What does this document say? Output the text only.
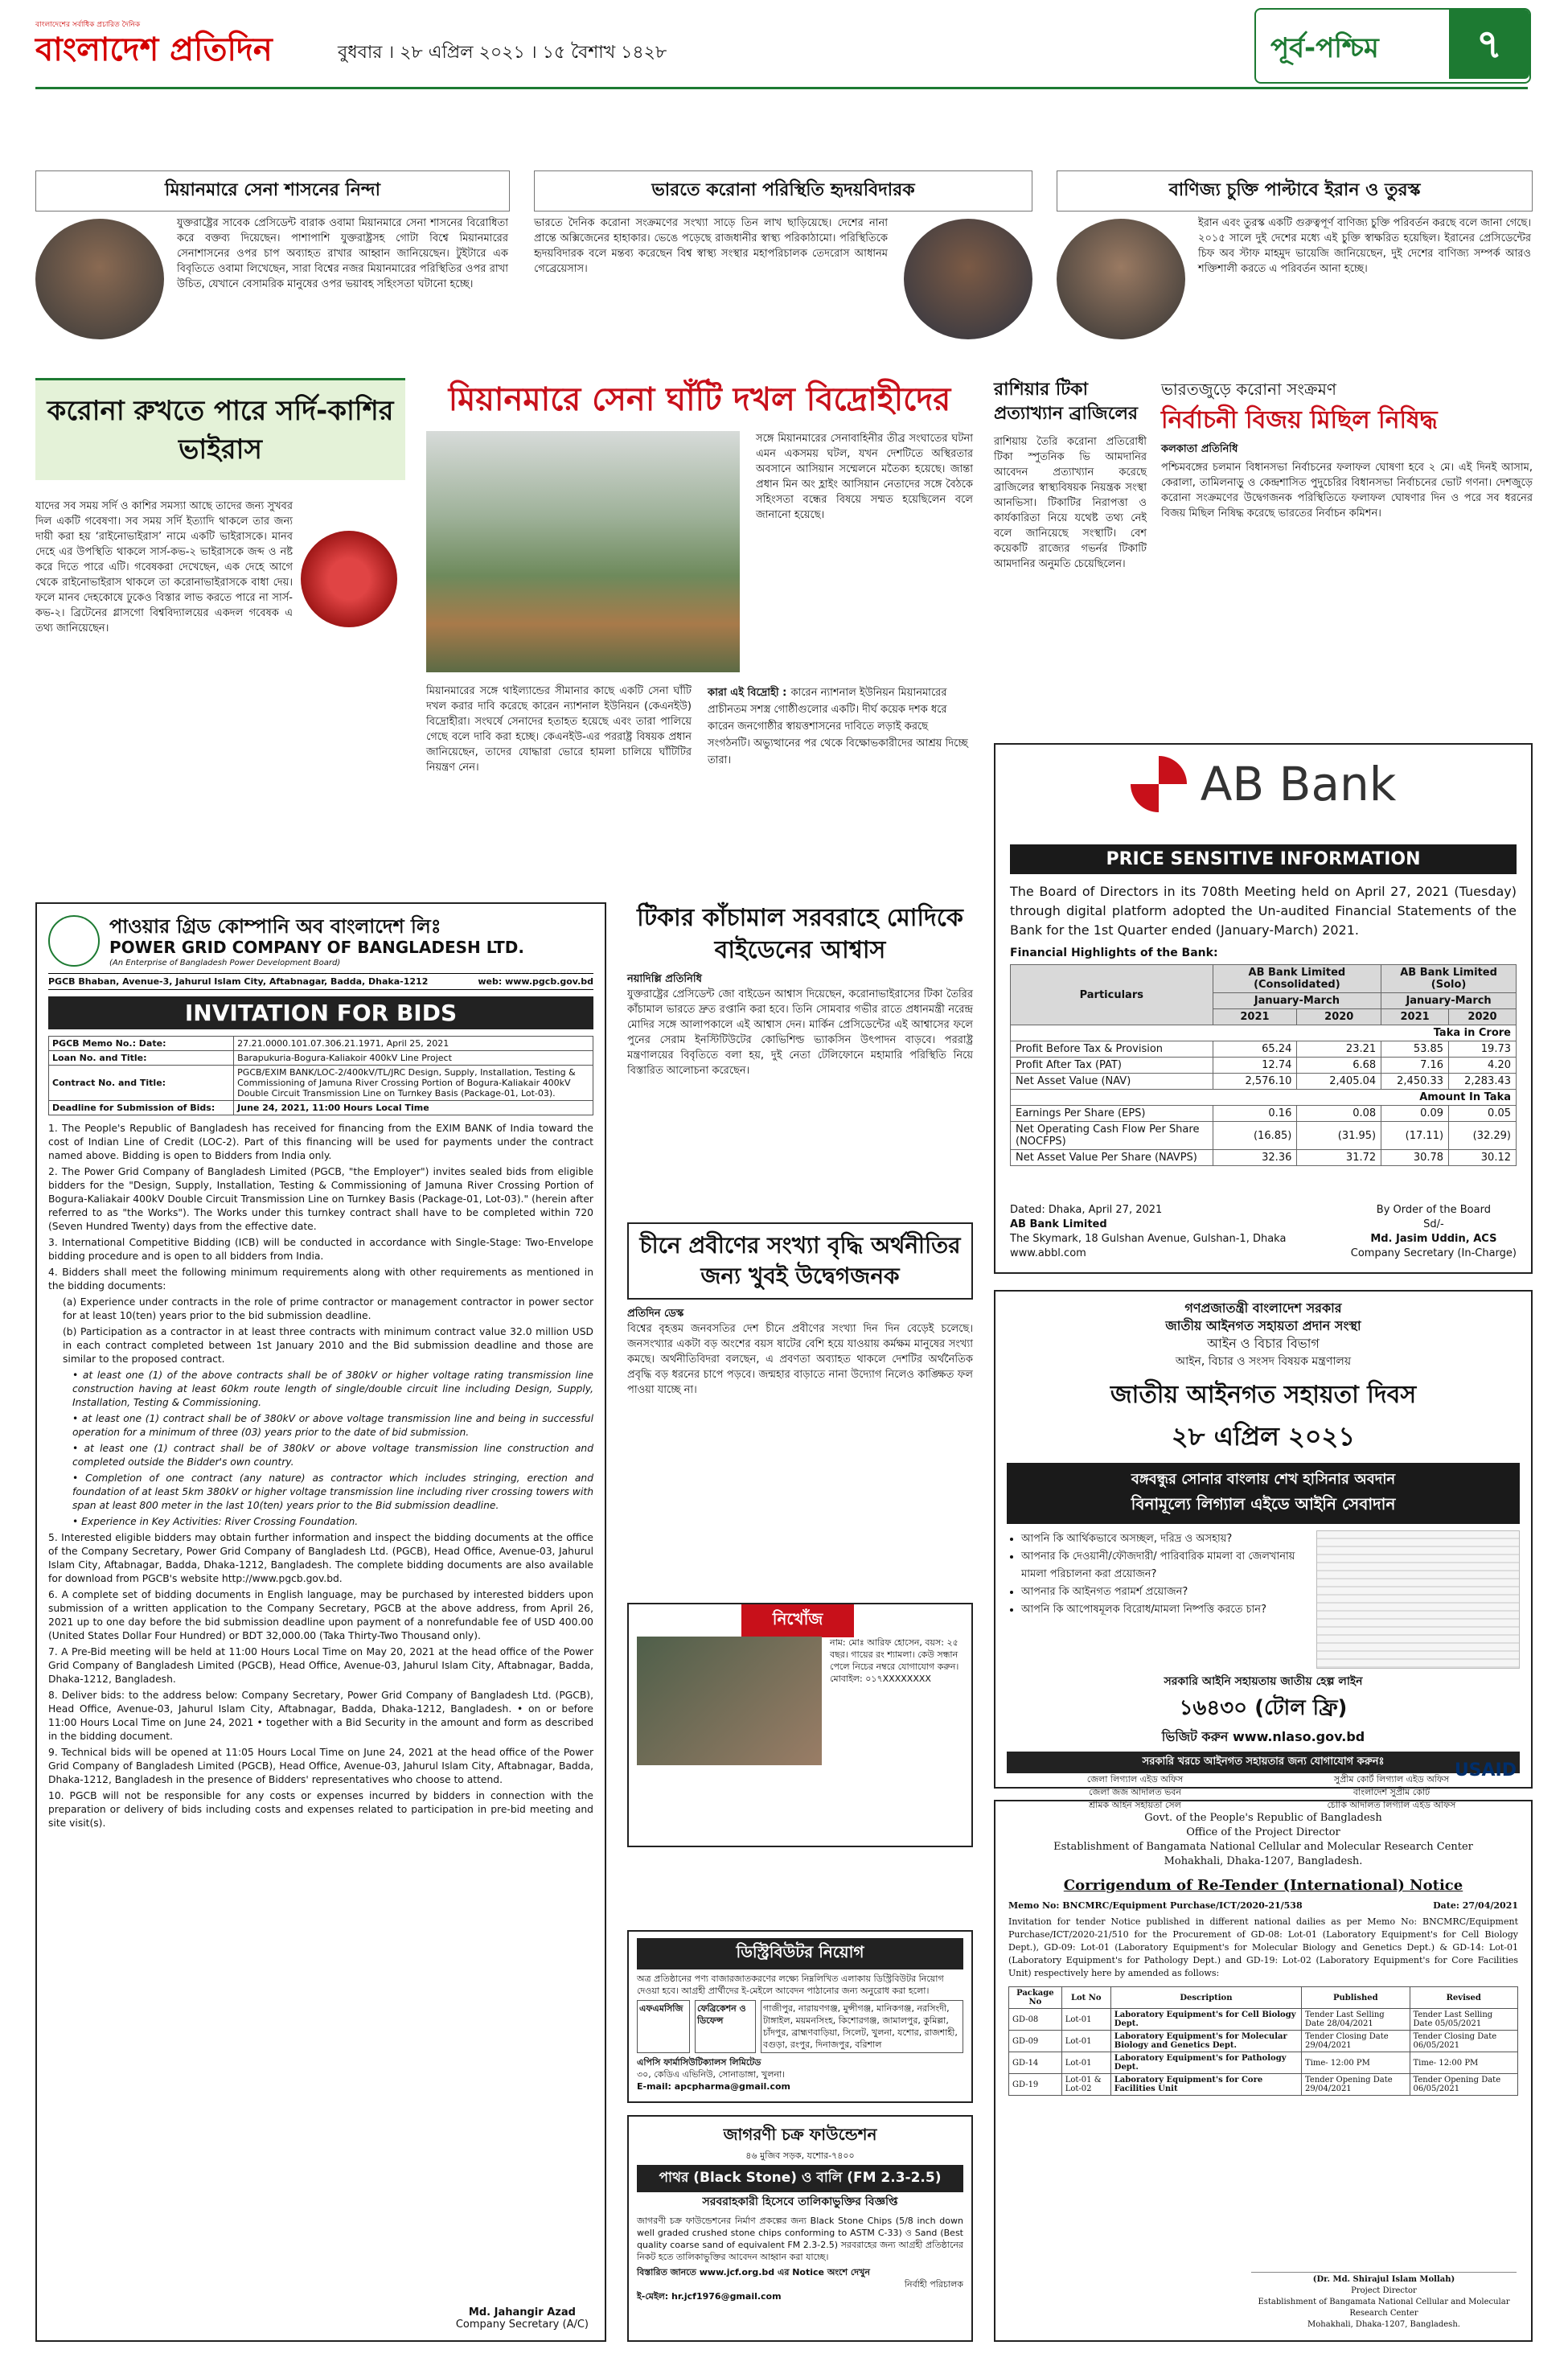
বাংলাদেশের সর্বাধিক প্রচারিত দৈনিক
বাংলাদেশ প্রতিদিন	বুধবার । ২৮ এপ্রিল ২০২১ । ১৫ বৈশাখ ১৪২৮	পূর্ব-পশ্চিম	৭
মিয়ানমারে সেনা শাসনের নিন্দা
যুক্তরাষ্ট্রের সাবেক প্রেসিডেন্ট বারাক ওবামা মিয়ানমারে সেনা শাসনের বিরোধিতা করে বক্তব্য দিয়েছেন। পাশাপাশি যুক্তরাষ্ট্রসহ গোটা বিশ্বে মিয়ানমারের সেনাশাসনের ওপর চাপ অব্যাহত রাখার আহ্বান জানিয়েছেন। টুইটারে এক বিবৃতিতে ওবামা লিখেছেন, সারা বিশ্বের নজর মিয়ানমারের পরিস্থিতির ওপর রাখা উচিত, যেখানে বেসামরিক মানুষের ওপর ভয়াবহ সহিংসতা ঘটানো হচ্ছে।
ভারতে করোনা পরিস্থিতি হৃদয়বিদারক
ভারতে দৈনিক করোনা সংক্রমণের সংখ্যা সাড়ে তিন লাখ ছাড়িয়েছে। দেশের নানা প্রান্তে অক্সিজেনের হাহাকার। ভেঙে পড়েছে রাজধানীর স্বাস্থ্য পরিকাঠামো। পরিস্থিতিকে হৃদয়বিদারক বলে মন্তব্য করেছেন বিশ্ব স্বাস্থ্য সংস্থার মহাপরিচালক তেদরোস আধানম গেব্রেয়েসাস।
বাণিজ্য চুক্তি পাল্টাবে ইরান ও তুরস্ক
ইরান এবং তুরস্ক একটি গুরুত্বপূর্ণ বাণিজ্য চুক্তি পরিবর্তন করছে বলে জানা গেছে। ২০১৫ সালে দুই দেশের মধ্যে এই চুক্তি স্বাক্ষরিত হয়েছিল। ইরানের প্রেসিডেন্টের চিফ অব স্টাফ মাহমুদ ভায়েজি জানিয়েছেন, দুই দেশের বাণিজ্য সম্পর্ক আরও শক্তিশালী করতে এ পরিবর্তন আনা হচ্ছে।
করোনা রুখতে পারে সর্দি-কাশির ভাইরাস
যাদের সব সময় সর্দি ও কাশির সমস্যা আছে তাদের জন্য সুখবর দিল একটি গবেষণা। সব সময় সর্দি ইত্যাদি থাকলে তার জন্য দায়ী করা হয় ‘রাইনোভাইরাস’ নামে একটি ভাইরাসকে। মানব দেহে এর উপস্থিতি থাকলে সার্স-কভ-২ ভাইরাসকে জব্দ ও নষ্ট করে দিতে পারে এটি। গবেষকরা দেখেছেন, এক দেহে আগে থেকে রাইনোভাইরাস থাকলে তা করোনাভাইরাসকে বাধা দেয়। ফলে মানব দেহকোষে ঢুকেও বিস্তার লাভ করতে পারে না সার্স-কভ-২। ব্রিটেনের গ্লাসগো বিশ্ববিদ্যালয়ের একদল গবেষক এ তথ্য জানিয়েছেন।
মিয়ানমারে সেনা ঘাঁটি দখল বিদ্রোহীদের
সঙ্গে মিয়ানমারের সেনাবাহিনীর তীব্র সংঘাতের ঘটনা এমন একসময় ঘটল, যখন দেশটিতে অস্থিরতার অবসানে আসিয়ান সম্মেলনে মতৈক্য হয়েছে। জান্তা প্রধান মিন অং হ্লাইং আসিয়ান নেতাদের সঙ্গে বৈঠকে সহিংসতা বন্ধের বিষয়ে সম্মত হয়েছিলেন বলে জানানো হয়েছে।
মিয়ানমারের সঙ্গে থাইল্যান্ডের সীমানার কাছে একটি সেনা ঘাঁটি দখল করার দাবি করেছে কারেন ন্যাশনাল ইউনিয়ন (কেএনইউ) বিদ্রোহীরা। সংঘর্ষে সেনাদের হতাহত হয়েছে এবং তারা পালিয়ে গেছে বলে দাবি করা হচ্ছে। কেএনইউ-এর পররাষ্ট্র বিষয়ক প্রধান জানিয়েছেন, তাদের যোদ্ধারা ভোরে হামলা চালিয়ে ঘাঁটিটির নিয়ন্ত্রণ নেন।
কারা এই বিদ্রোহী : কারেন ন্যাশনাল ইউনিয়ন মিয়ানমারের প্রাচীনতম সশস্ত্র গোষ্ঠীগুলোর একটি। দীর্ঘ কয়েক দশক ধরে কারেন জনগোষ্ঠীর স্বায়ত্তশাসনের দাবিতে লড়াই করছে সংগঠনটি। অভ্যুত্থানের পর থেকে বিক্ষোভকারীদের আশ্রয় দিচ্ছে তারা।
রাশিয়ার টিকা প্রত্যাখ্যান ব্রাজিলের
রাশিয়ায় তৈরি করোনা প্রতিরোধী টিকা স্পুতনিক ভি আমদানির আবেদন প্রত্যাখ্যান করেছে ব্রাজিলের স্বাস্থ্যবিষয়ক নিয়ন্ত্রক সংস্থা আনভিসা। টিকাটির নিরাপত্তা ও কার্যকারিতা নিয়ে যথেষ্ট তথ্য নেই বলে জানিয়েছে সংস্থাটি। বেশ কয়েকটি রাজ্যের গভর্নর টিকাটি আমদানির অনুমতি চেয়েছিলেন।
ভারতজুড়ে করোনা সংক্রমণ
নির্বাচনী বিজয় মিছিল নিষিদ্ধ
কলকাতা প্রতিনিধি
পশ্চিমবঙ্গের চলমান বিধানসভা নির্বাচনের ফলাফল ঘোষণা হবে ২ মে। এই দিনই আসাম, কেরালা, তামিলনাড়ু ও কেন্দ্রশাসিত পুদুচেরির বিধানসভা নির্বাচনের ভোট গণনা। দেশজুড়ে করোনা সংক্রমণের উদ্বেগজনক পরিস্থিতিতে ফলাফল ঘোষণার দিন ও পরে সব ধরনের বিজয় মিছিল নিষিদ্ধ করেছে ভারতের নির্বাচন কমিশন।
AB Bank
PRICE SENSITIVE INFORMATION
The Board of Directors in its 708th Meeting held on April 27, 2021 (Tuesday) through digital platform adopted the Un-audited Financial Statements of the Bank for the 1st Quarter ended (January-March) 2021.
Financial Highlights of the Bank:
Particulars	AB Bank Limited (Consolidated)		AB Bank Limited (Solo)	
	January-March		January-March	
	2021	2020	2021	2020
Taka in Crore				
Profit Before Tax & Provision	65.24	23.21	53.85	19.73
Profit After Tax (PAT)	12.74	6.68	7.16	4.20
Net Asset Value (NAV)	2,576.10	2,405.04	2,450.33	2,283.43
Amount In Taka				
Earnings Per Share (EPS)	0.16	0.08	0.09	0.05
Net Operating Cash Flow Per Share (NOCFPS)	(16.85)	(31.95)	(17.11)	(32.29)
Net Asset Value Per Share (NAVPS)	32.36	31.72	30.78	30.12
Dated: Dhaka, April 27, 2021
AB Bank Limited
The Skymark, 18 Gulshan Avenue, Gulshan-1, Dhaka
www.abbl.com
By Order of the Board
Sd/-
Md. Jasim Uddin, ACS
Company Secretary (In-Charge)
পাওয়ার গ্রিড কোম্পানি অব বাংলাদেশ লিঃ
POWER GRID COMPANY OF BANGLADESH LTD.
(An Enterprise of Bangladesh Power Development Board)
PGCB Bhaban, Avenue-3, Jahurul Islam City, Aftabnagar, Badda, Dhaka-1212	web: www.pgcb.gov.bd
INVITATION FOR BIDS
PGCB Memo No.: Date:	27.21.0000.101.07.306.21.1971, April 25, 2021
Loan No. and Title:	Barapukuria-Bogura-Kaliakoir 400kV Line Project
Contract No. and Title:	PGCB/EXIM BANK/LOC-2/400kV/TL/JRC Design, Supply, Installation, Testing & Commissioning of Jamuna River Crossing Portion of Bogura-Kaliakair 400kV Double Circuit Transmission Line on Turnkey Basis (Package-01, Lot-03).
Deadline for Submission of Bids:	June 24, 2021, 11:00 Hours Local Time

1. The People's Republic of Bangladesh has received for financing from the EXIM BANK of India toward the cost of Indian Line of Credit (LOC-2). Part of this financing will be used for payments under the contract named above. Bidding is open to Bidders from India only.

2. The Power Grid Company of Bangladesh Limited (PGCB, "the Employer") invites sealed bids from eligible bidders for the "Design, Supply, Installation, Testing & Commissioning of Jamuna River Crossing Portion of Bogura-Kaliakair 400kV Double Circuit Transmission Line on Turnkey Basis (Package-01, Lot-03)." (herein after referred to as "the Works"). The Works under this turnkey contract shall have to be completed within 720 (Seven Hundred Twenty) days from the effective date.

3. International Competitive Bidding (ICB) will be conducted in accordance with Single-Stage: Two-Envelope bidding procedure and is open to all bidders from India.

4. Bidders shall meet the following minimum requirements along with other requirements as mentioned in the bidding documents:

(a) Experience under contracts in the role of prime contractor or management contractor in power sector for at least 10(ten) years prior to the bid submission deadline.

(b) Participation as a contractor in at least three contracts with minimum contract value 32.0 million USD in each contract completed between 1st January 2010 and the Bid submission deadline and those are similar to the proposed contract.

• at least one (1) of the above contracts shall be of 380kV or higher voltage rating transmission line construction having at least 60km route length of single/double circuit line including Design, Supply, Installation, Testing & Commissioning.

• at least one (1) contract shall be of 380kV or above voltage transmission line and being in successful operation for a minimum of three (03) years prior to the date of bid submission.

• at least one (1) contract shall be of 380kV or above voltage transmission line construction and completed outside the Bidder's own country.

• Completion of one contract (any nature) as contractor which includes stringing, erection and foundation of at least 5km 380kV or higher voltage transmission line including river crossing towers with span at least 800 meter in the last 10(ten) years prior to the Bid submission deadline.

• Experience in Key Activities: River Crossing Foundation.

5. Interested eligible bidders may obtain further information and inspect the bidding documents at the office of the Company Secretary, Power Grid Company of Bangladesh Ltd. (PGCB), Head Office, Avenue-03, Jahurul Islam City, Aftabnagar, Badda, Dhaka-1212, Bangladesh. The complete bidding documents are also available for download from PGCB's website http://www.pgcb.gov.bd.

6. A complete set of bidding documents in English language, may be purchased by interested bidders upon submission of a written application to the Company Secretary, PGCB at the above address, from April 26, 2021 up to one day before the bid submission deadline upon payment of a nonrefundable fee of USD 400.00 (United States Dollar Four Hundred) or BDT 32,000.00 (Taka Thirty-Two Thousand only).

7. A Pre-Bid meeting will be held at 11:00 Hours Local Time on May 20, 2021 at the head office of the Power Grid Company of Bangladesh Limited (PGCB), Head Office, Avenue-03, Jahurul Islam City, Aftabnagar, Badda, Dhaka-1212, Bangladesh.

8. Deliver bids: to the address below: Company Secretary, Power Grid Company of Bangladesh Ltd. (PGCB), Head Office, Avenue-03, Jahurul Islam City, Aftabnagar, Badda, Dhaka-1212, Bangladesh. • on or before 11:00 Hours Local Time on June 24, 2021 • together with a Bid Security in the amount and form as described in the bidding document.

9. Technical bids will be opened at 11:05 Hours Local Time on June 24, 2021 at the head office of the Power Grid Company of Bangladesh Limited (PGCB), Head Office, Avenue-03, Jahurul Islam City, Aftabnagar, Badda, Dhaka-1212, Bangladesh in the presence of Bidders' representatives who choose to attend.

10. PGCB will not be responsible for any costs or expenses incurred by bidders in connection with the preparation or delivery of bids including costs and expenses related to participation in pre-bid meeting and site visit(s).

Md. Jahangir Azad
Company Secretary (A/C)
টিকার কাঁচামাল সরবরাহে মোদিকে বাইডেনের আশ্বাস
নয়াদিল্লি প্রতিনিধি
যুক্তরাষ্ট্রের প্রেসিডেন্ট জো বাইডেন আশ্বাস দিয়েছেন, করোনাভাইরাসের টিকা তৈরির কাঁচামাল ভারতে দ্রুত রপ্তানি করা হবে। তিনি সোমবার গভীর রাতে প্রধানমন্ত্রী নরেন্দ্র মোদির সঙ্গে আলাপকালে এই আশ্বাস দেন। মার্কিন প্রেসিডেন্টের এই আশ্বাসের ফলে পুনের সেরাম ইনস্টিটিউটের কোভিশিল্ড ভ্যাকসিন উৎপাদন বাড়বে। পররাষ্ট্র মন্ত্রণালয়ের বিবৃতিতে বলা হয়, দুই নেতা টেলিফোনে মহামারি পরিস্থিতি নিয়ে বিস্তারিত আলোচনা করেছেন।
চীনে প্রবীণের সংখ্যা বৃদ্ধি অর্থনীতির জন্য খুবই উদ্বেগজনক
প্রতিদিন ডেস্ক
বিশ্বের বৃহত্তম জনবসতির দেশ চীনে প্রবীণের সংখ্যা দিন দিন বেড়েই চলেছে। জনসংখ্যার একটা বড় অংশের বয়স ষাটের বেশি হয়ে যাওয়ায় কর্মক্ষম মানুষের সংখ্যা কমছে। অর্থনীতিবিদরা বলছেন, এ প্রবণতা অব্যাহত থাকলে দেশটির অর্থনৈতিক প্রবৃদ্ধি বড় ধরনের চাপে পড়বে। জন্মহার বাড়াতে নানা উদ্যোগ নিলেও কাঙ্ক্ষিত ফল পাওয়া যাচ্ছে না।
নিখোঁজ
নাম: মোঃ আরিফ হোসেন, বয়স: ২৫ বছর। গায়ের রং শ্যামলা। কেউ সন্ধান পেলে নিচের নম্বরে যোগাযোগ করুন। মোবাইল: ০১৭XXXXXXXX
ডিস্ট্রিবিউটর নিয়োগ
অত্র প্রতিষ্ঠানের পণ্য বাজারজাতকরণের লক্ষ্যে নিম্নলিখিত এলাকায় ডিস্ট্রিবিউটর নিয়োগ দেওয়া হবে। আগ্রহী প্রার্থীদের ই-মেইলে আবেদন পাঠানোর জন্য অনুরোধ করা হলো।
এফএমসিজি	ফেব্রিকেশন ও ডিফেন্স
গাজীপুর, নারায়ণগঞ্জ, মুন্সীগঞ্জ, মানিকগঞ্জ, নরসিংদী, টাঙ্গাইল, ময়মনসিংহ, কিশোরগঞ্জ, জামালপুর, কুমিল্লা, চাঁদপুর, ব্রাহ্মণবাড়িয়া, সিলেট, খুলনা, যশোর, রাজশাহী, বগুড়া, রংপুর, দিনাজপুর, বরিশাল
এপিসি ফার্মাসিউটিক্যালস লিমিটেড
৩০, কেডিএ এভিনিউ, সোনাডাঙ্গা, খুলনা।
E-mail: apcpharma@gmail.com
জাগরণী চক্র ফাউন্ডেশন
৪৬ মুজিব সড়ক, যশোর-৭৪০০
পাথর (Black Stone) ও বালি (FM 2.3-2.5)
সরবরাহকারী হিসেবে তালিকাভুক্তির বিজ্ঞপ্তি
জাগরণী চক্র ফাউন্ডেশনের নির্মাণ প্রকল্পের জন্য Black Stone Chips (5/8 inch down well graded crushed stone chips conforming to ASTM C-33) ও Sand (Best quality coarse sand of equivalent FM 2.3-2.5) সরবরাহের জন্য আগ্রহী প্রতিষ্ঠানের নিকট হতে তালিকাভুক্তির আবেদন আহ্বান করা যাচ্ছে।
বিস্তারিত জানতে www.jcf.org.bd এর Notice অংশে দেখুন
নির্বাহী পরিচালক
ই-মেইল: hr.jcf1976@gmail.com
গণপ্রজাতন্ত্রী বাংলাদেশ সরকার
জাতীয় আইনগত সহায়তা প্রদান সংস্থা
আইন ও বিচার বিভাগ
আইন, বিচার ও সংসদ বিষয়ক মন্ত্রণালয়
জাতীয় আইনগত সহায়তা দিবস
২৮ এপ্রিল ২০২১
বঙ্গবন্ধুর সোনার বাংলায় শেখ হাসিনার অবদান
বিনামূল্যে লিগ্যাল এইডে আইনি সেবাদান
• আপনি কি আর্থিকভাবে অসচ্ছল, দরিদ্র ও অসহায়?
• আপনার কি দেওয়ানী/ফৌজদারী/ পারিবারিক মামলা বা জেলখানায় মামলা পরিচালনা করা প্রয়োজন?
• আপনার কি আইনগত পরামর্শ প্রয়োজন?
• আপনি কি আপোষমূলক বিরোধ/মামলা নিষ্পত্তি করতে চান?
সরকারি আইনি সহায়তায় জাতীয় হেল্প লাইন
১৬৪৩০ (টোল ফ্রি)
ভিজিট করুন www.nlaso.gov.bd
সরকারি খরচে আইনগত সহায়তার জন্য যোগাযোগ করুনঃ
জেলা লিগ্যাল এইড অফিস	সুপ্রীম কোর্ট লিগ্যাল এইড অফিস
জেলা জজ আদালত ভবন	বাংলাদেশ সুপ্রীম কোর্ট
শ্রমিক আইন সহায়তা সেল	চৌকি আদালত লিগ্যাল এইড অফিস
USAID
Govt. of the People's Republic of Bangladesh
Office of the Project Director
Establishment of Bangamata National Cellular and Molecular Research Center
Mohakhali, Dhaka-1207, Bangladesh.
Corrigendum of Re-Tender (International) Notice
Memo No: BNCMRC/Equipment Purchase/ICT/2020-21/538	Date: 27/04/2021
Invitation for tender Notice published in different national dailies as per Memo No: BNCMRC/Equipment Purchase/ICT/2020-21/510 for the Procurement of GD-08: Lot-01 (Laboratory Equipment's for Cell Biology Dept.), GD-09: Lot-01 (Laboratory Equipment's for Molecular Biology and Genetics Dept.) & GD-14: Lot-01 (Laboratory Equipment's for Pathology Dept.) and GD-19: Lot-02 (Laboratory Equipment's for Core Facilities Unit) respectively here by amended as follows:
Package No	Lot No	Description	Published	Revised
GD-08	Lot-01	Laboratory Equipment's for Cell Biology Dept.	Tender Last Selling Date 28/04/2021	Tender Last Selling Date 05/05/2021
GD-09	Lot-01	Laboratory Equipment's for Molecular Biology and Genetics Dept.	Tender Closing Date 29/04/2021	Tender Closing Date 06/05/2021
GD-14	Lot-01	Laboratory Equipment's for Pathology Dept.	Time- 12:00 PM	Time- 12:00 PM
GD-19	Lot-01 & Lot-02	Laboratory Equipment's for Core Facilities Unit	Tender Opening Date 29/04/2021	Tender Opening Date 06/05/2021
(Dr. Md. Shirajul Islam Mollah)
Project Director
Establishment of Bangamata National Cellular and Molecular Research Center
Mohakhali, Dhaka-1207, Bangladesh.
